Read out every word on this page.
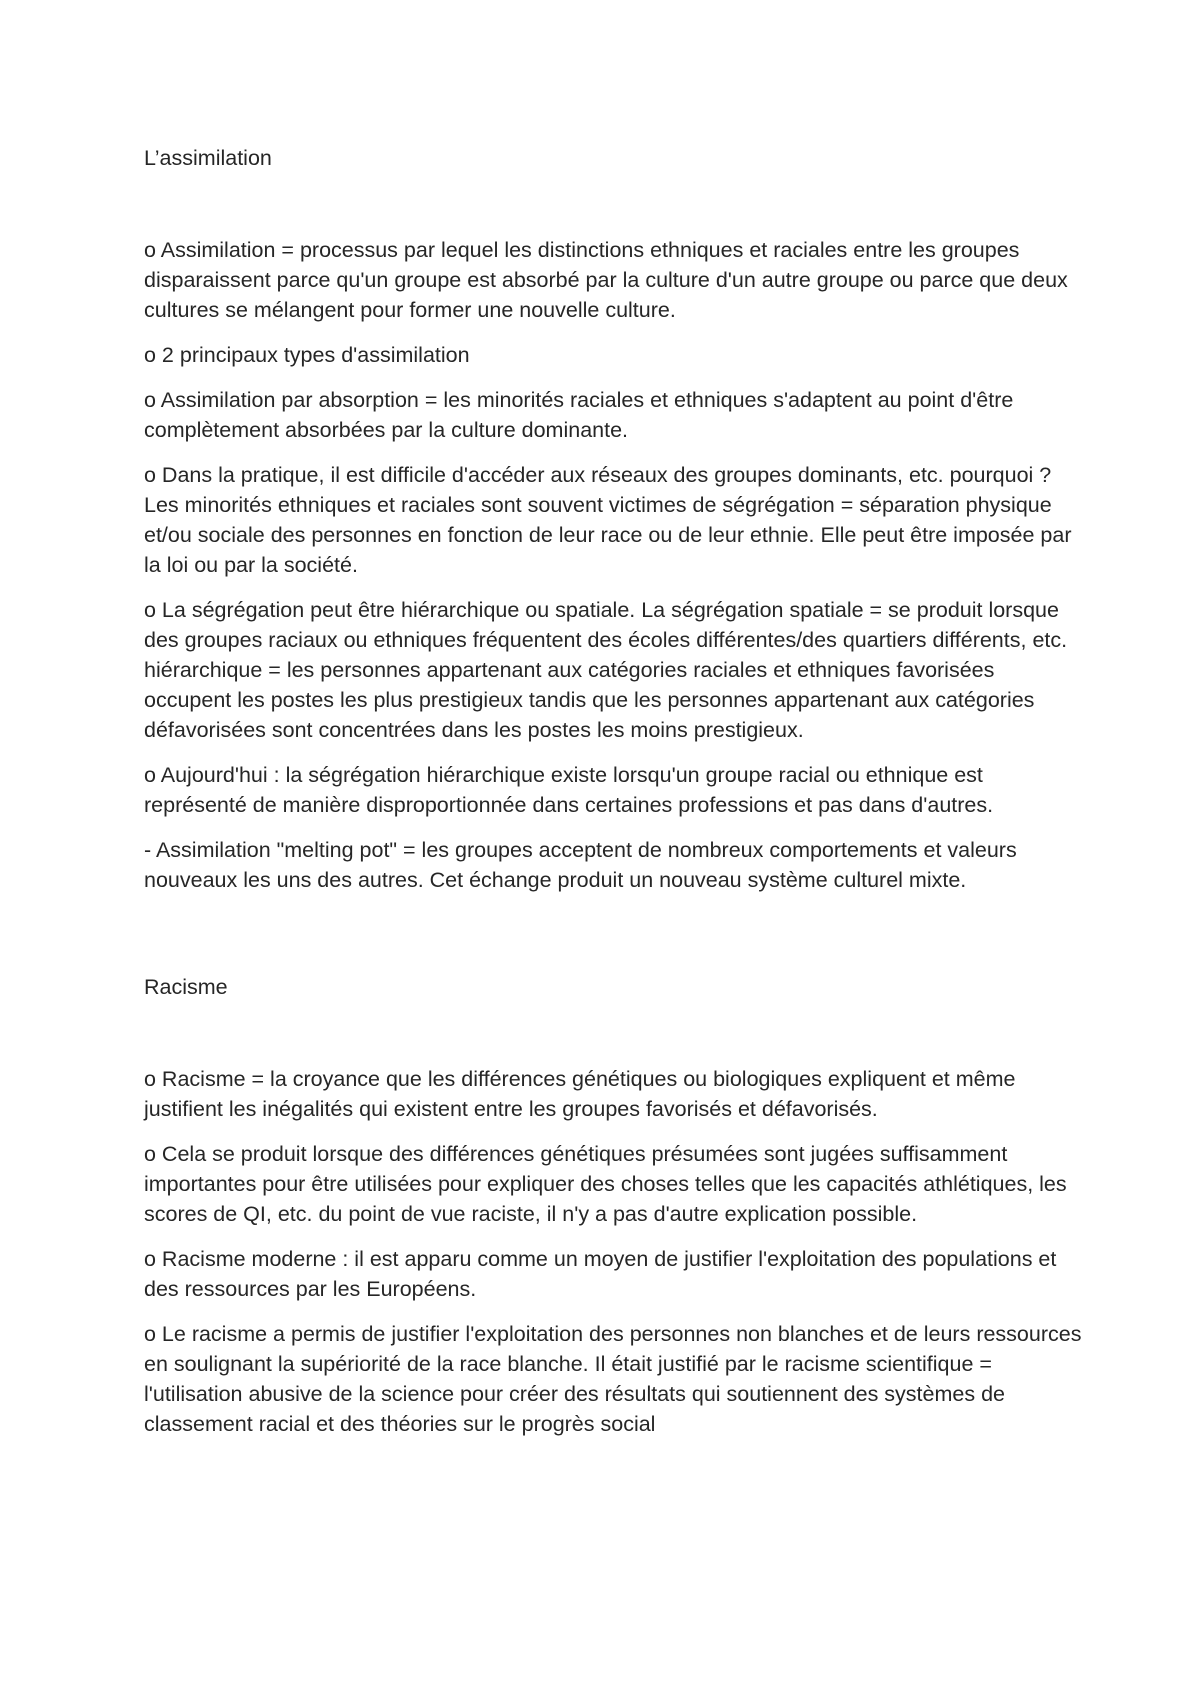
L’assimilation

o Assimilation = processus par lequel les distinctions ethniques et raciales entre les groupes disparaissent parce qu'un groupe est absorbé par la culture d'un autre groupe ou parce que deux cultures se mélangent pour former une nouvelle culture.

o 2 principaux types d'assimilation

o Assimilation par absorption = les minorités raciales et ethniques s'adaptent au point d'être complètement absorbées par la culture dominante.

o Dans la pratique, il est difficile d'accéder aux réseaux des groupes dominants, etc. pourquoi ? Les minorités ethniques et raciales sont souvent victimes de ségrégation = séparation physique et/ou sociale des personnes en fonction de leur race ou de leur ethnie. Elle peut être imposée par la loi ou par la société.

o La ségrégation peut être hiérarchique ou spatiale. La ségrégation spatiale = se produit lorsque des groupes raciaux ou ethniques fréquentent des écoles différentes/des quartiers différents, etc. hiérarchique = les personnes appartenant aux catégories raciales et ethniques favorisées occupent les postes les plus prestigieux tandis que les personnes appartenant aux catégories défavorisées sont concentrées dans les postes les moins prestigieux.

o Aujourd'hui : la ségrégation hiérarchique existe lorsqu'un groupe racial ou ethnique est représenté de manière disproportionnée dans certaines professions et pas dans d'autres.

- Assimilation "melting pot" = les groupes acceptent de nombreux comportements et valeurs nouveaux les uns des autres. Cet échange produit un nouveau système culturel mixte.

Racisme

o Racisme = la croyance que les différences génétiques ou biologiques expliquent et même justifient les inégalités qui existent entre les groupes favorisés et défavorisés.

o Cela se produit lorsque des différences génétiques présumées sont jugées suffisamment importantes pour être utilisées pour expliquer des choses telles que les capacités athlétiques, les scores de QI, etc. du point de vue raciste, il n'y a pas d'autre explication possible.

o Racisme moderne : il est apparu comme un moyen de justifier l'exploitation des populations et des ressources par les Européens.

o Le racisme a permis de justifier l'exploitation des personnes non blanches et de leurs ressources en soulignant la supériorité de la race blanche. Il était justifié par le racisme scientifique = l'utilisation abusive de la science pour créer des résultats qui soutiennent des systèmes de classement racial et des théories sur le progrès social
